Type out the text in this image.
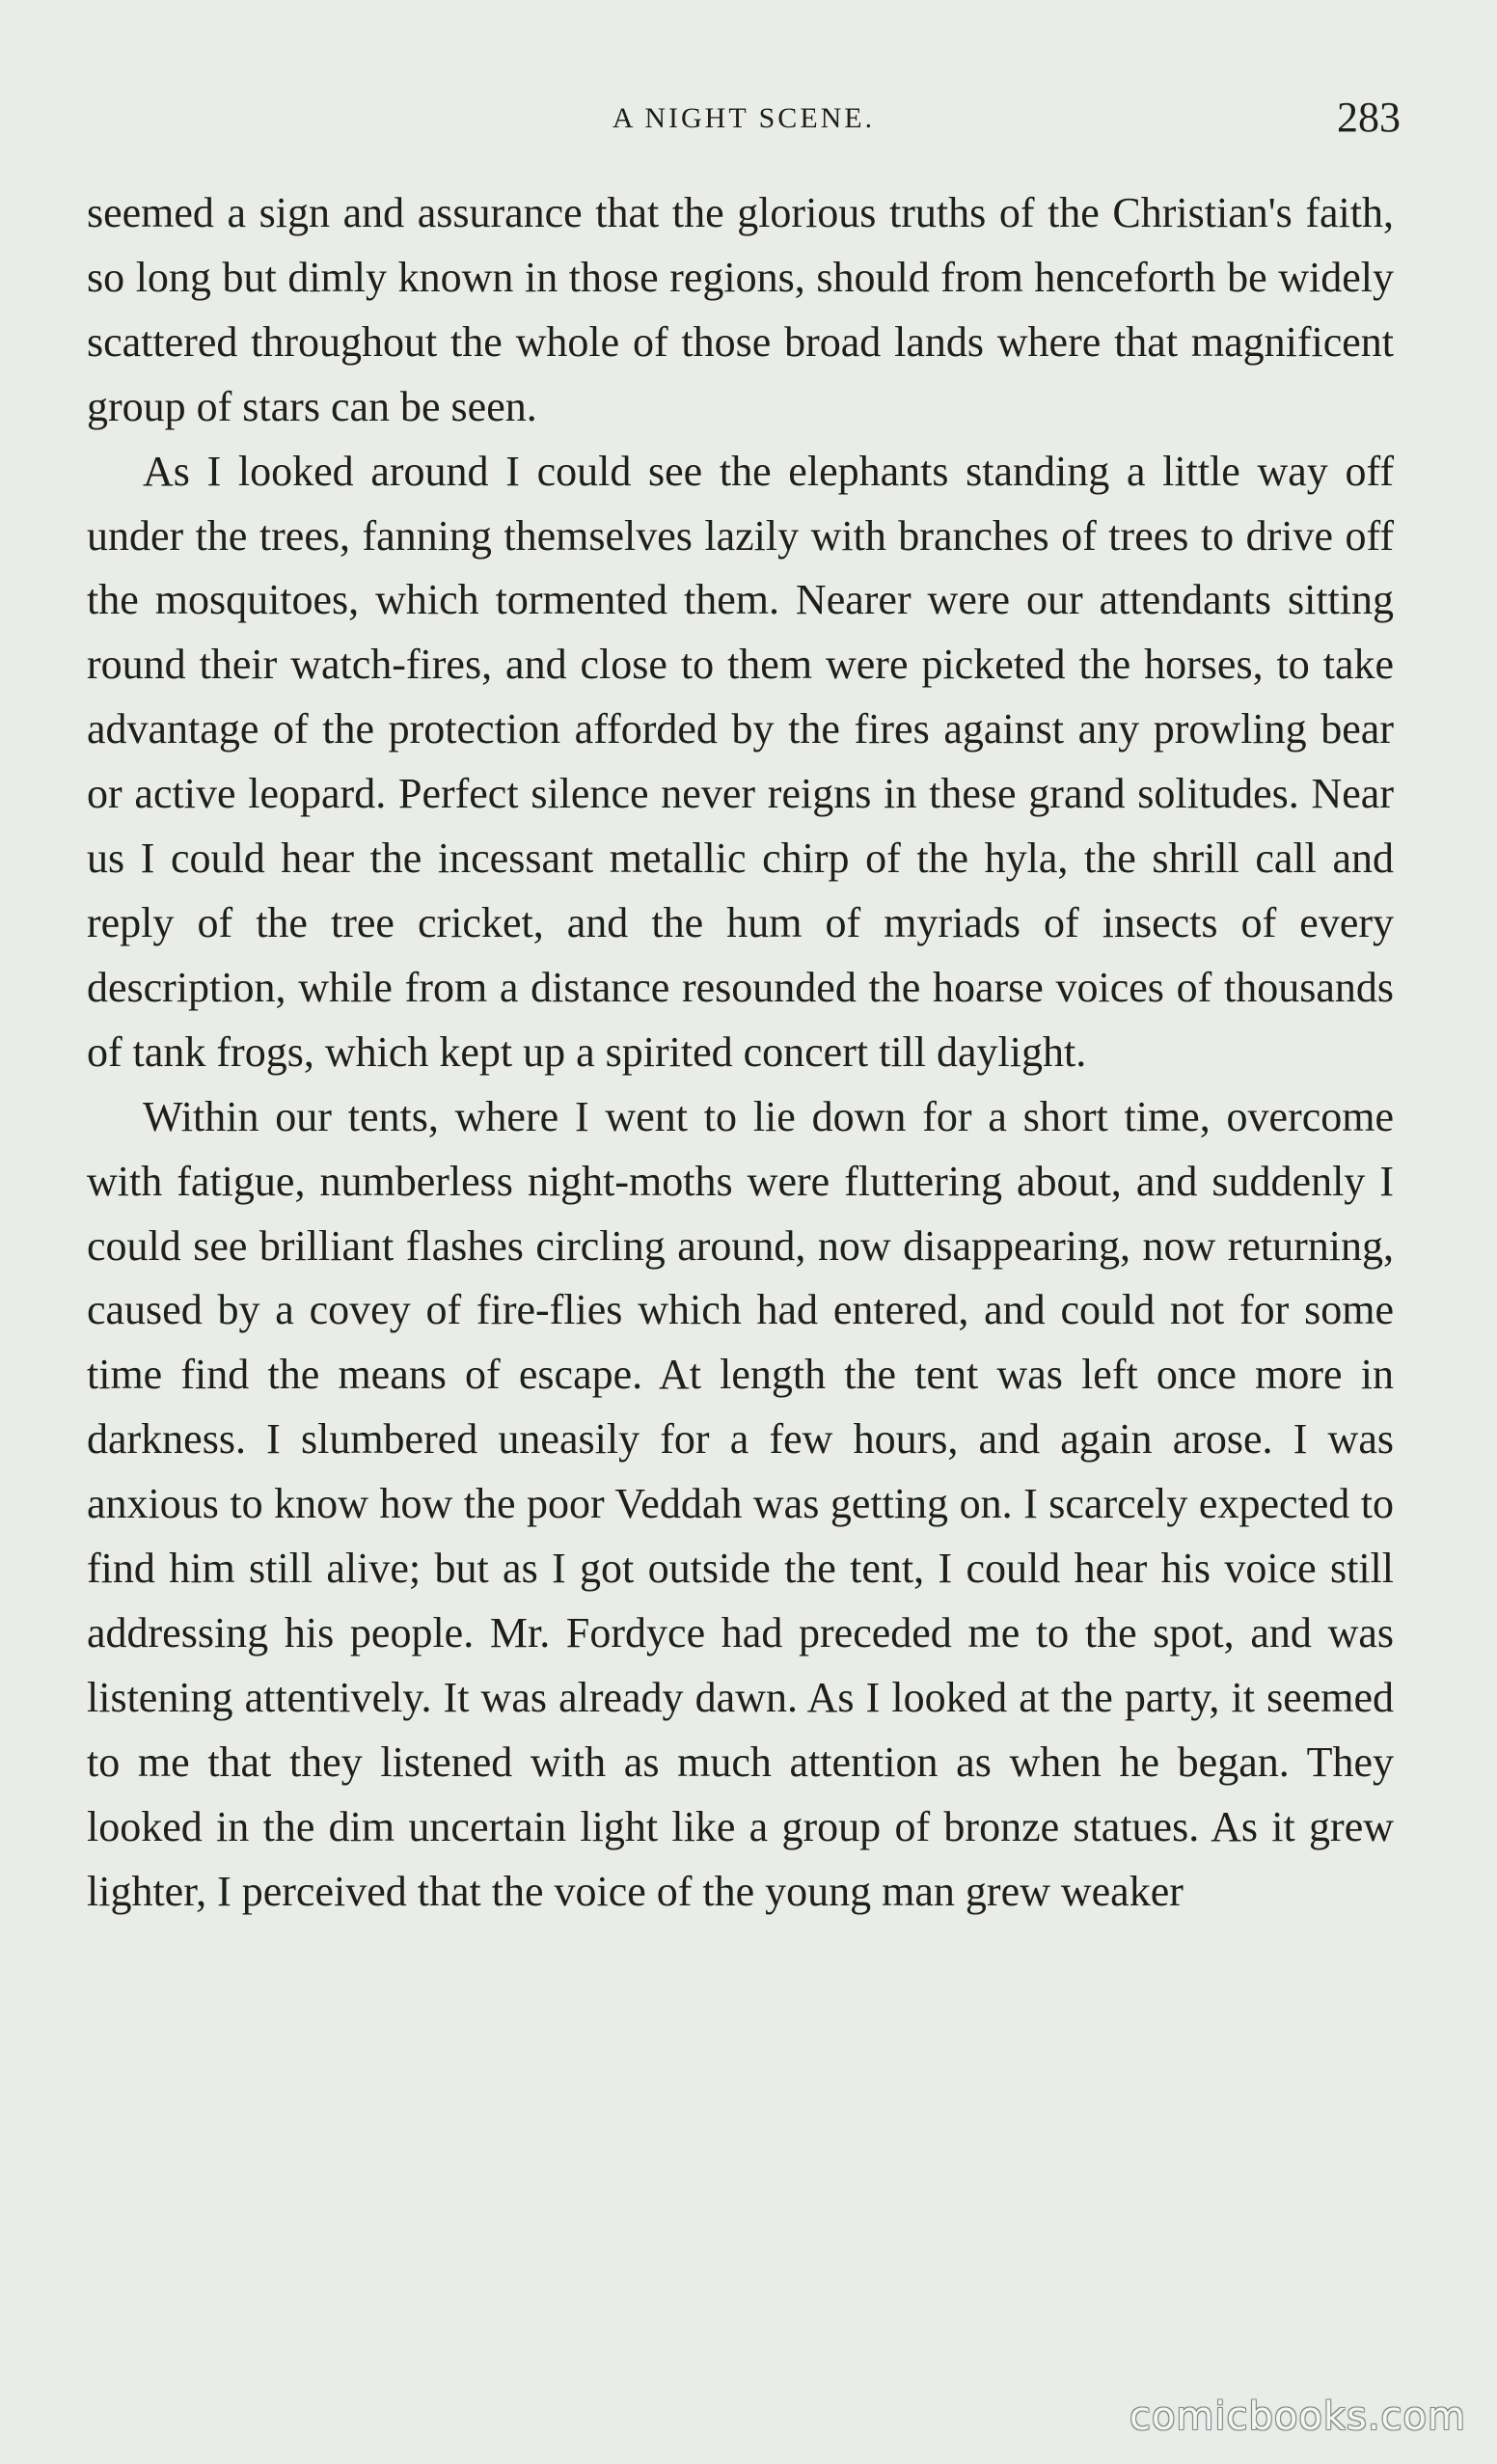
A NIGHT SCENE.	283

seemed a sign and assurance that the glorious truths of the Christian's faith, so long but dimly known in those regions, should from henceforth be widely scattered throughout the whole of those broad lands where that magnificent group of stars can be seen.

As I looked around I could see the elephants standing a little way off under the trees, fanning themselves lazily with branches of trees to drive off the mosquitoes, which tormented them. Nearer were our attendants sitting round their watch-fires, and close to them were picketed the horses, to take advantage of the protection afforded by the fires against any prowling bear or active leopard. Perfect silence never reigns in these grand solitudes. Near us I could hear the incessant metallic chirp of the hyla, the shrill call and reply of the tree cricket, and the hum of myriads of insects of every description, while from a distance resounded the hoarse voices of thousands of tank frogs, which kept up a spirited concert till daylight.

Within our tents, where I went to lie down for a short time, overcome with fatigue, numberless night-moths were fluttering about, and suddenly I could see brilliant flashes circling around, now disappearing, now returning, caused by a covey of fire-flies which had entered, and could not for some time find the means of escape. At length the tent was left once more in darkness. I slumbered uneasily for a few hours, and again arose. I was anxious to know how the poor Veddah was getting on. I scarcely expected to find him still alive; but as I got outside the tent, I could hear his voice still addressing his people. Mr. Fordyce had preceded me to the spot, and was listening attentively. It was already dawn. As I looked at the party, it seemed to me that they listened with as much attention as when he began. They looked in the dim uncertain light like a group of bronze statues. As it grew lighter, I perceived that the voice of the young man grew weaker

comicbooks.com
